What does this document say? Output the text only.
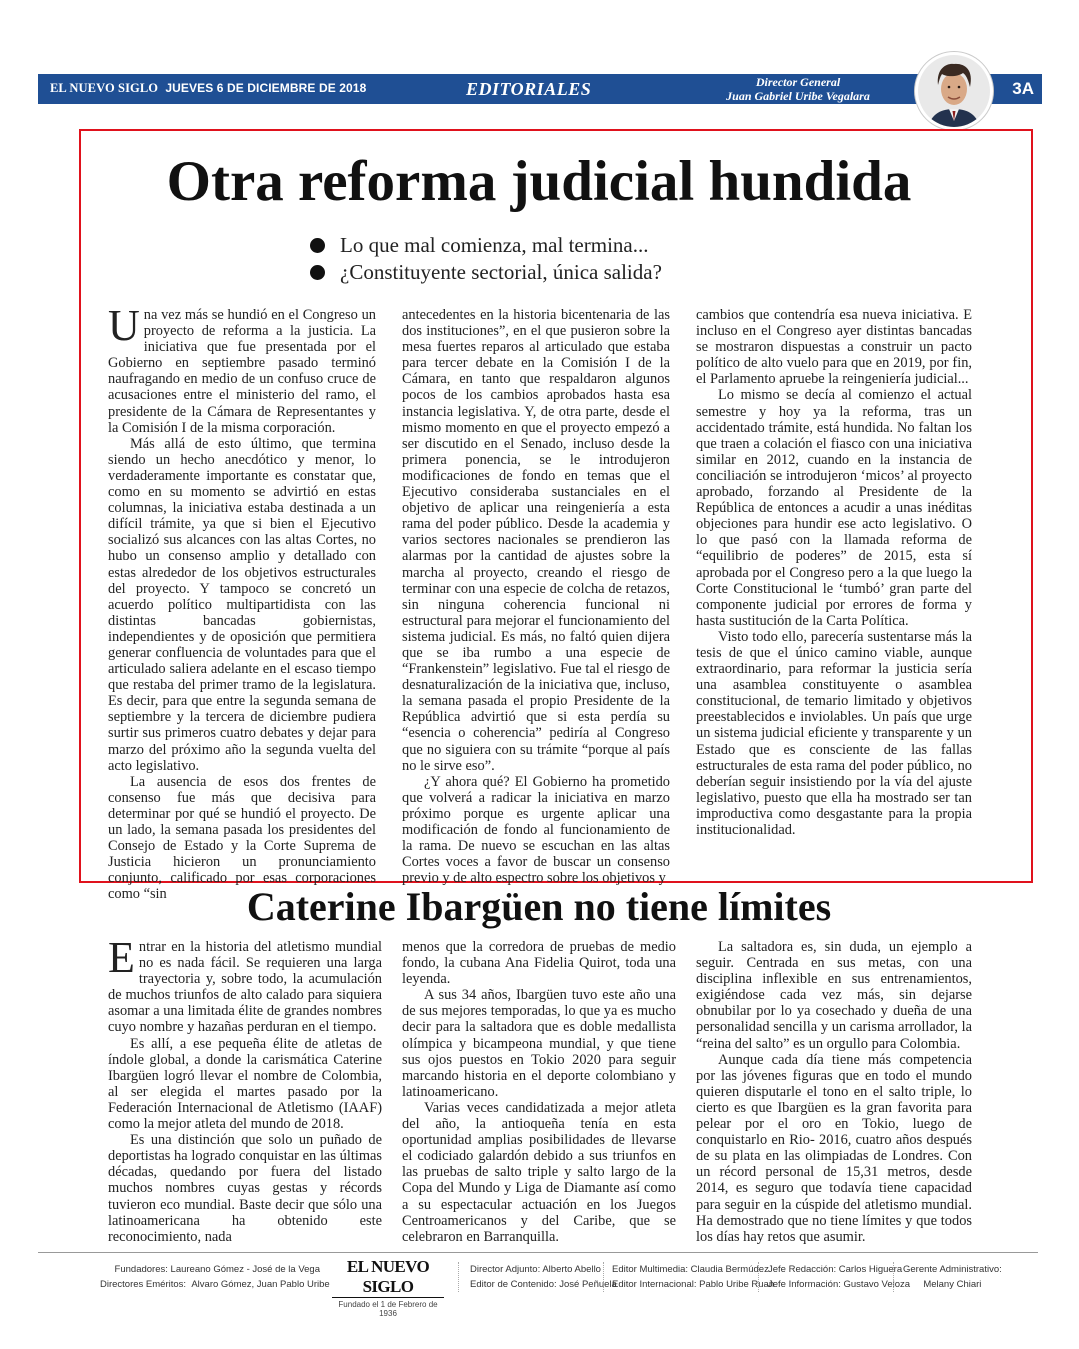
EL NUEVO SIGLO JUEVES 6 DE DICIEMBRE DE 2018	EDITORIALES	Director General
Juan Gabriel Uribe Vegalara	3A
Otra reforma judicial hundida
Lo que mal comienza, mal termina...
¿Constituyente sectorial, única salida?

Una vez más se hundió en el Congreso un proyecto de reforma a la justicia. La iniciativa que fue presentada por el Gobierno en septiembre pasado terminó naufragando en medio de un confuso cruce de acusaciones entre el ministerio del ramo, el presidente de la Cámara de Representantes y la Comisión I de la misma corporación.

Más allá de esto último, que termina siendo un hecho anecdótico y menor, lo verdaderamente importante es constatar que, como en su momento se advirtió en estas columnas, la iniciativa estaba destinada a un difícil trámite, ya que si bien el Ejecutivo socializó sus alcances con las altas Cortes, no hubo un consenso amplio y detallado con estas alrededor de los objetivos estructurales del proyecto. Y tampoco se concretó un acuerdo político multipartidista con las distintas bancadas gobiernistas, independientes y de oposición que permitiera generar confluencia de voluntades para que el articulado saliera adelante en el escaso tiempo que restaba del primer tramo de la legislatura. Es decir, para que entre la segunda semana de septiembre y la tercera de diciembre pudiera surtir sus primeros cuatro debates y dejar para marzo del próximo año la segunda vuelta del acto legislativo.

La ausencia de esos dos frentes de consenso fue más que decisiva para determinar por qué se hundió el proyecto. De un lado, la semana pasada los presidentes del Consejo de Estado y la Corte Suprema de Justicia hicieron un pronunciamiento conjunto, calificado por esas corporaciones como “sin

antecedentes en la historia bicentenaria de las dos instituciones”, en el que pusieron sobre la mesa fuertes reparos al articulado que estaba para tercer debate en la Comisión I de la Cámara, en tanto que respaldaron algunos pocos de los cambios aprobados hasta esa instancia legislativa. Y, de otra parte, desde el mismo momento en que el proyecto empezó a ser discutido en el Senado, incluso desde la primera ponencia, se le introdujeron modificaciones de fondo en temas que el Ejecutivo consideraba sustanciales en el objetivo de aplicar una reingeniería a esta rama del poder público. Desde la academia y varios sectores nacionales se prendieron las alarmas por la cantidad de ajustes sobre la marcha al proyecto, creando el riesgo de terminar con una especie de colcha de retazos, sin ninguna coherencia funcional ni estructural para mejorar el funcionamiento del sistema judicial. Es más, no faltó quien dijera que se iba rumbo a una especie de “Frankenstein” legislativo. Fue tal el riesgo de desnaturalización de la iniciativa que, incluso, la semana pasada el propio Presidente de la República advirtió que si esta perdía su “esencia o coherencia” pediría al Congreso que no siguiera con su trámite “porque al país no le sirve eso”.

¿Y ahora qué? El Gobierno ha prometido que volverá a radicar la iniciativa en marzo próximo porque es urgente aplicar una modificación de fondo al funcionamiento de la rama. De nuevo se escuchan en las altas Cortes voces a favor de buscar un consenso previo y de alto espectro sobre los objetivos y

cambios que contendría esa nueva iniciativa. E incluso en el Congreso ayer distintas bancadas se mostraron dispuestas a construir un pacto político de alto vuelo para que en 2019, por fin, el Parlamento apruebe la reingeniería judicial...

Lo mismo se decía al comienzo el actual semestre y hoy ya la reforma, tras un accidentado trámite, está hundida. No faltan los que traen a colación el fiasco con una iniciativa similar en 2012, cuando en la instancia de conciliación se introdujeron ‘micos’ al proyecto aprobado, forzando al Presidente de la República de entonces a acudir a unas inéditas objeciones para hundir ese acto legislativo. O lo que pasó con la llamada reforma de “equilibrio de poderes” de 2015, esta sí aprobada por el Congreso pero a la que luego la Corte Constitucional le ‘tumbó’ gran parte del componente judicial por errores de forma y hasta sustitución de la Carta Política.

Visto todo ello, parecería sustentarse más la tesis de que el único camino viable, aunque extraordinario, para reformar la justicia sería una asamblea constituyente o asamblea constitucional, de temario limitado y objetivos preestablecidos e inviolables. Un país que urge un sistema judicial eficiente y transparente y un Estado que es consciente de las fallas estructurales de esta rama del poder público, no deberían seguir insistiendo por la vía del ajuste legislativo, puesto que ella ha mostrado ser tan improductiva como desgastante para la propia institucionalidad.

Caterine Ibargüen no tiene límites

Entrar en la historia del atletismo mundial no es nada fácil. Se requieren una larga trayectoria y, sobre todo, la acumulación de muchos triunfos de alto calado para siquiera asomar a una limitada élite de grandes nombres cuyo nombre y hazañas perduran en el tiempo.

Es allí, a ese pequeña élite de atletas de índole global, a donde la carismática Caterine Ibargüen logró llevar el nombre de Colombia, al ser elegida el martes pasado por la Federación Internacional de Atletismo (IAAF) como la mejor atleta del mundo de 2018.

Es una distinción que solo un puñado de deportistas ha logrado conquistar en las últimas décadas, quedando por fuera del listado muchos nombres cuyas gestas y récords tuvieron eco mundial. Baste decir que sólo una latinoamericana ha obtenido este reconocimiento, nada

menos que la corredora de pruebas de medio fondo, la cubana Ana Fidelia Quirot, toda una leyenda.

A sus 34 años, Ibargüen tuvo este año una de sus mejores temporadas, lo que ya es mucho decir para la saltadora que es doble medallista olímpica y bicampeona mundial, y que tiene sus ojos puestos en Tokio 2020 para seguir marcando historia en el deporte colombiano y latinoamericano.

Varias veces candidatizada a mejor atleta del año, la antioqueña tenía en esta oportunidad amplias posibilidades de llevarse el codiciado galardón debido a sus triunfos en las pruebas de salto triple y salto largo de la Copa del Mundo y Liga de Diamante así como a su espectacular actuación en los Juegos Centroamericanos y del Caribe, que se celebraron en Barranquilla.

La saltadora es, sin duda, un ejemplo a seguir. Centrada en sus metas, con una disciplina inflexible en sus entrenamientos, exigiéndose cada vez más, sin dejarse obnubilar por lo ya cosechado y dueña de una personalidad sencilla y un carisma arrollador, la “reina del salto” es un orgullo para Colombia.

Aunque cada día tiene más competencia por las jóvenes figuras que en todo el mundo quieren disputarle el tono en el salto triple, lo cierto es que Ibargüen es la gran favorita para pelear por el oro en Tokio, luego de conquistarlo en Rio- 2016, cuatro años después de su plata en las olimpiadas de Londres. Con un récord personal de 15,31 metros, desde 2014, es seguro que todavía tiene capacidad para seguir en la cúspide del atletismo mundial. Ha demostrado que no tiene límites y que todos los días hay retos que asumir.

Fundadores: Laureano Gómez - José de la Vega
Directores Eméritos: Alvaro Gómez, Juan Pablo Uribe
EL NUEVO SIGLO
Fundado el 1 de Febrero de 1936
Director Adjunto: Alberto Abello
Editor de Contenido: José Peñuela
Editor Multimedia: Claudia Bermúdez
Editor Internacional: Pablo Uribe Ruan
Jefe Redacción: Carlos Higuera
Jefe Información: Gustavo Veloza
Gerente Administrativo:
Melany Chiari
